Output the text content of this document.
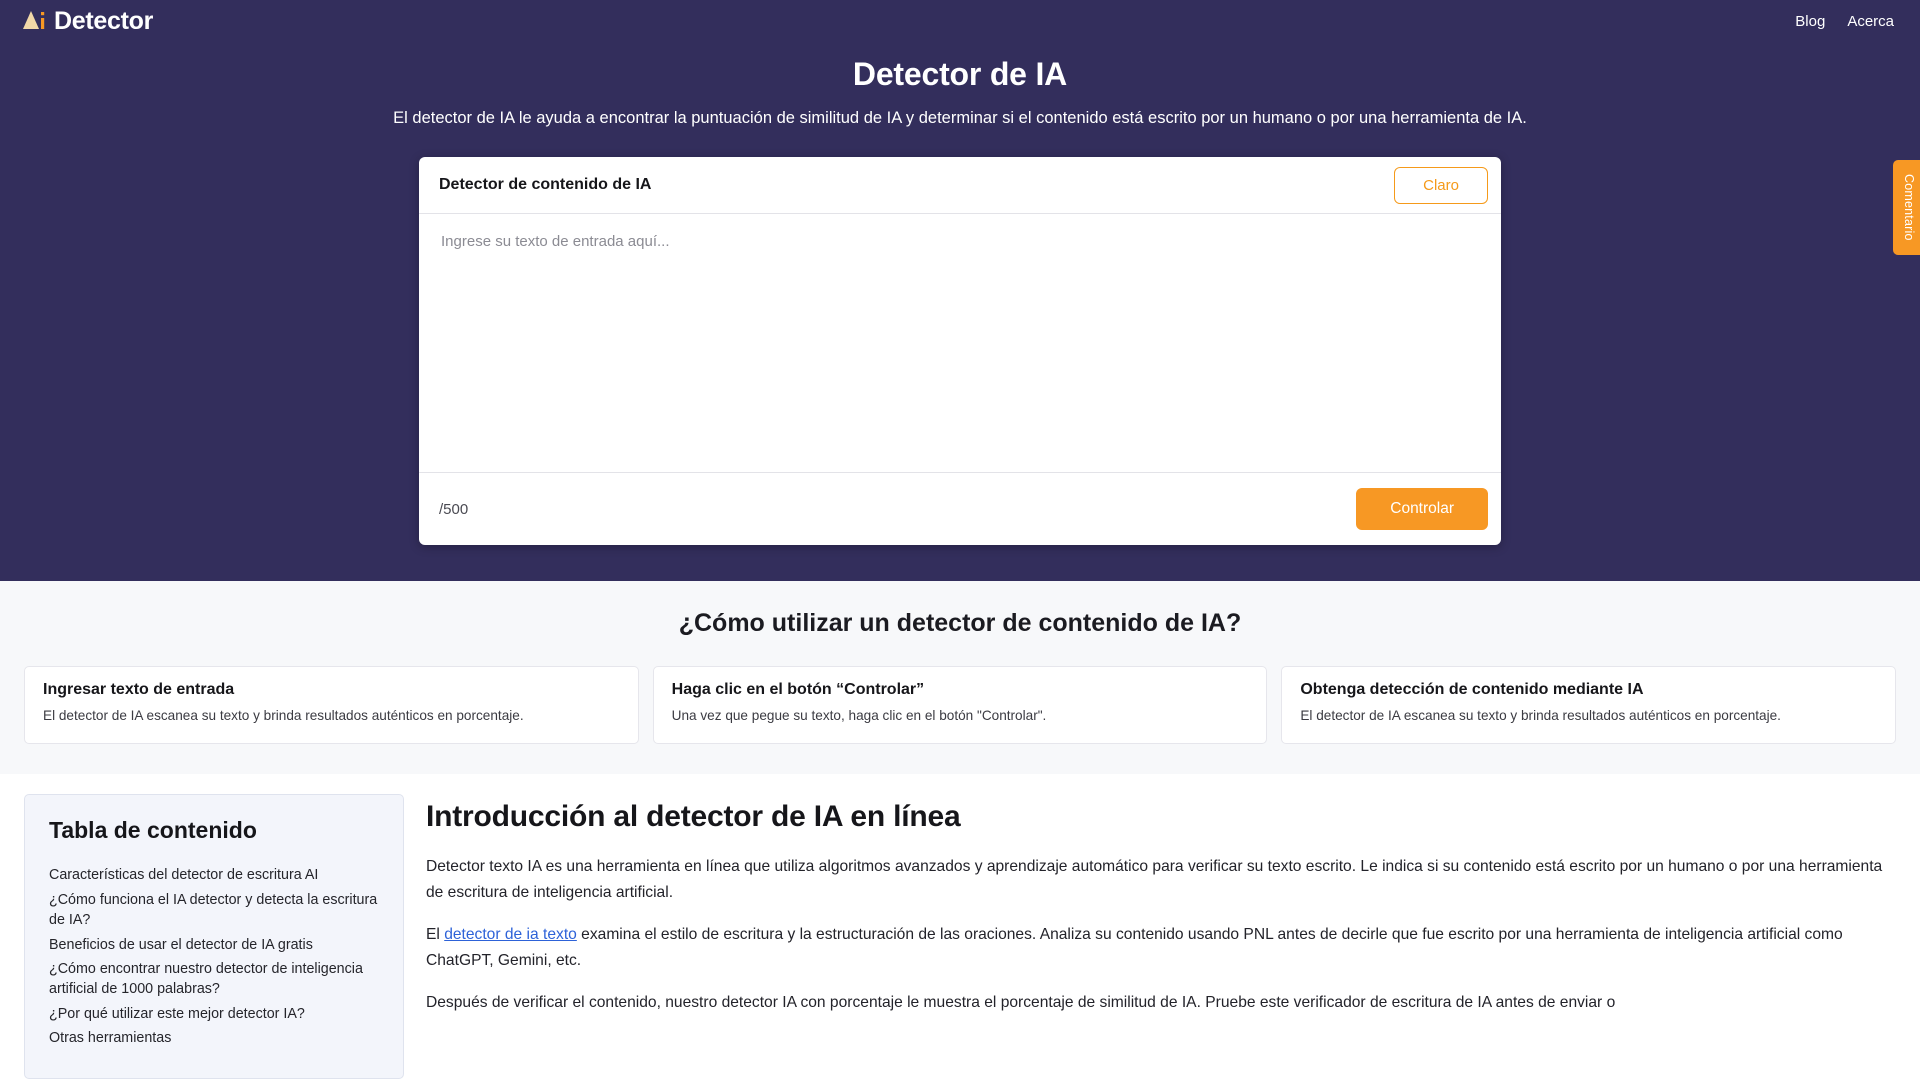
Detector	Blog Acerca
Detector de IA

El detector de IA le ayuda a encontrar la puntuación de similitud de IA y determinar si el contenido está escrito por un humano o por una herramienta de IA.

Detector de contenido de IA	Claro
Ingrese su texto de entrada aquí...
/500	Controlar
Comentario
¿Cómo utilizar un detector de contenido de IA?
Ingresar texto de entrada
El detector de IA escanea su texto y brinda resultados auténticos en porcentaje.
Haga clic en el botón “Controlar”
Una vez que pegue su texto, haga clic en el botón "Controlar".
Obtenga detección de contenido mediante IA
El detector de IA escanea su texto y brinda resultados auténticos en porcentaje.
Tabla de contenido
Características del detector de escritura AI
¿Cómo funciona el IA detector y detecta la escritura de IA?
Beneficios de usar el detector de IA gratis
¿Cómo encontrar nuestro detector de inteligencia artificial de 1000 palabras?
¿Por qué utilizar este mejor detector IA?
Otras herramientas
Introducción al detector de IA en línea

Detector texto IA es una herramienta en línea que utiliza algoritmos avanzados y aprendizaje automático para verificar su texto escrito. Le indica si su contenido está escrito por un humano o por una herramienta de escritura de inteligencia artificial.

El detector de ia texto examina el estilo de escritura y la estructuración de las oraciones. Analiza su contenido usando PNL antes de decirle que fue escrito por una herramienta de inteligencia artificial como ChatGPT, Gemini, etc.

Después de verificar el contenido, nuestro detector IA con porcentaje le muestra el porcentaje de similitud de IA. Pruebe este verificador de escritura de IA antes de enviar o
